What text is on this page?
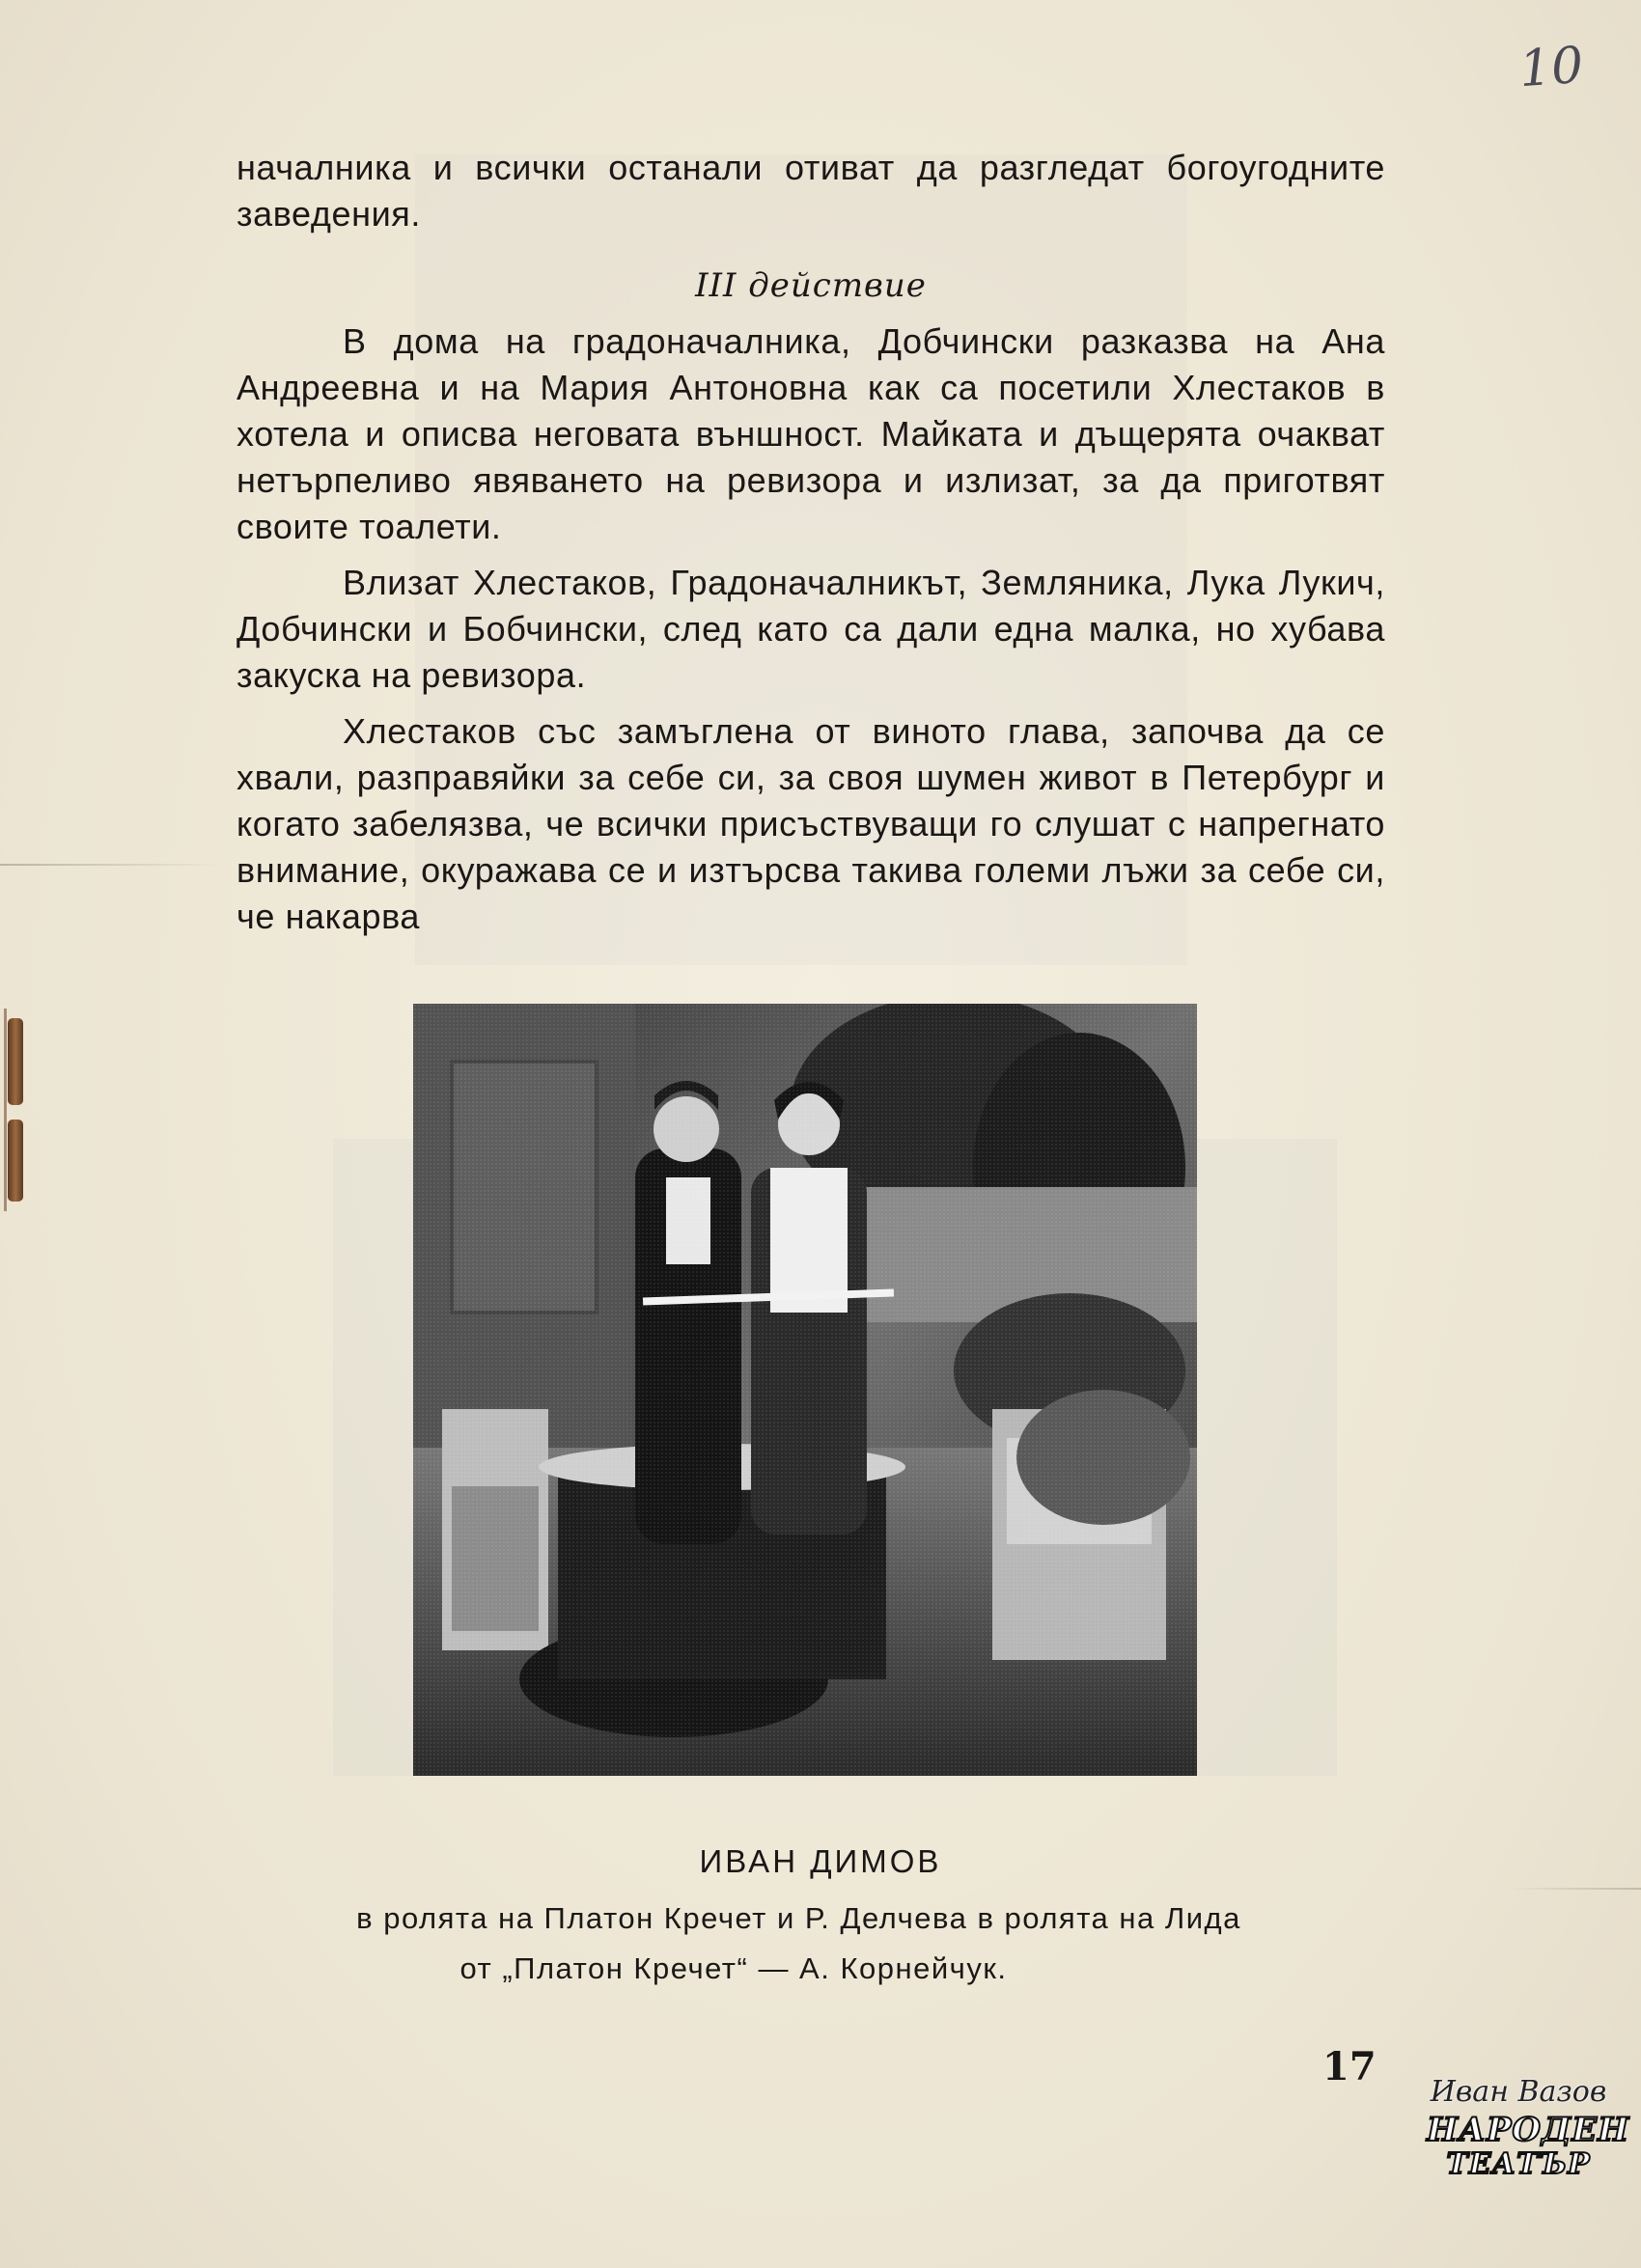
10

началника и всички останали отиват да разгледат богоугодните заведения.

III действие

В дома на градоначалника, Добчински разказва на Ана Андреевна и на Мария Антоновна как са посетили Хлестаков в хотела и описва неговата външност. Майката и дъщерята очакват нетърпеливо явяването на ревизора и излизат, за да приготвят своите тоалети.

Влизат Хлестаков, Градоначалникът, Земляника, Лука Лукич, Добчински и Бобчински, след като са дали една малка, но хубава закуска на ревизора.

Хлестаков със замъглена от виното глава, започва да се хвали, разправяйки за себе си, за своя шумен живот в Петербург и когато забелязва, че всички присъствуващи го слушат с напрегнато внимание, окуражава се и изтърсва такива големи лъжи за себе си, че накарва

ИВАН ДИМОВ
в ролята на Платон Кречет и Р. Делчева в ролята на Лида
от „Платон Кречет“ — А. Корнейчук.
17
Иван Вазов
НАРОДЕН
ТЕАТЪР
